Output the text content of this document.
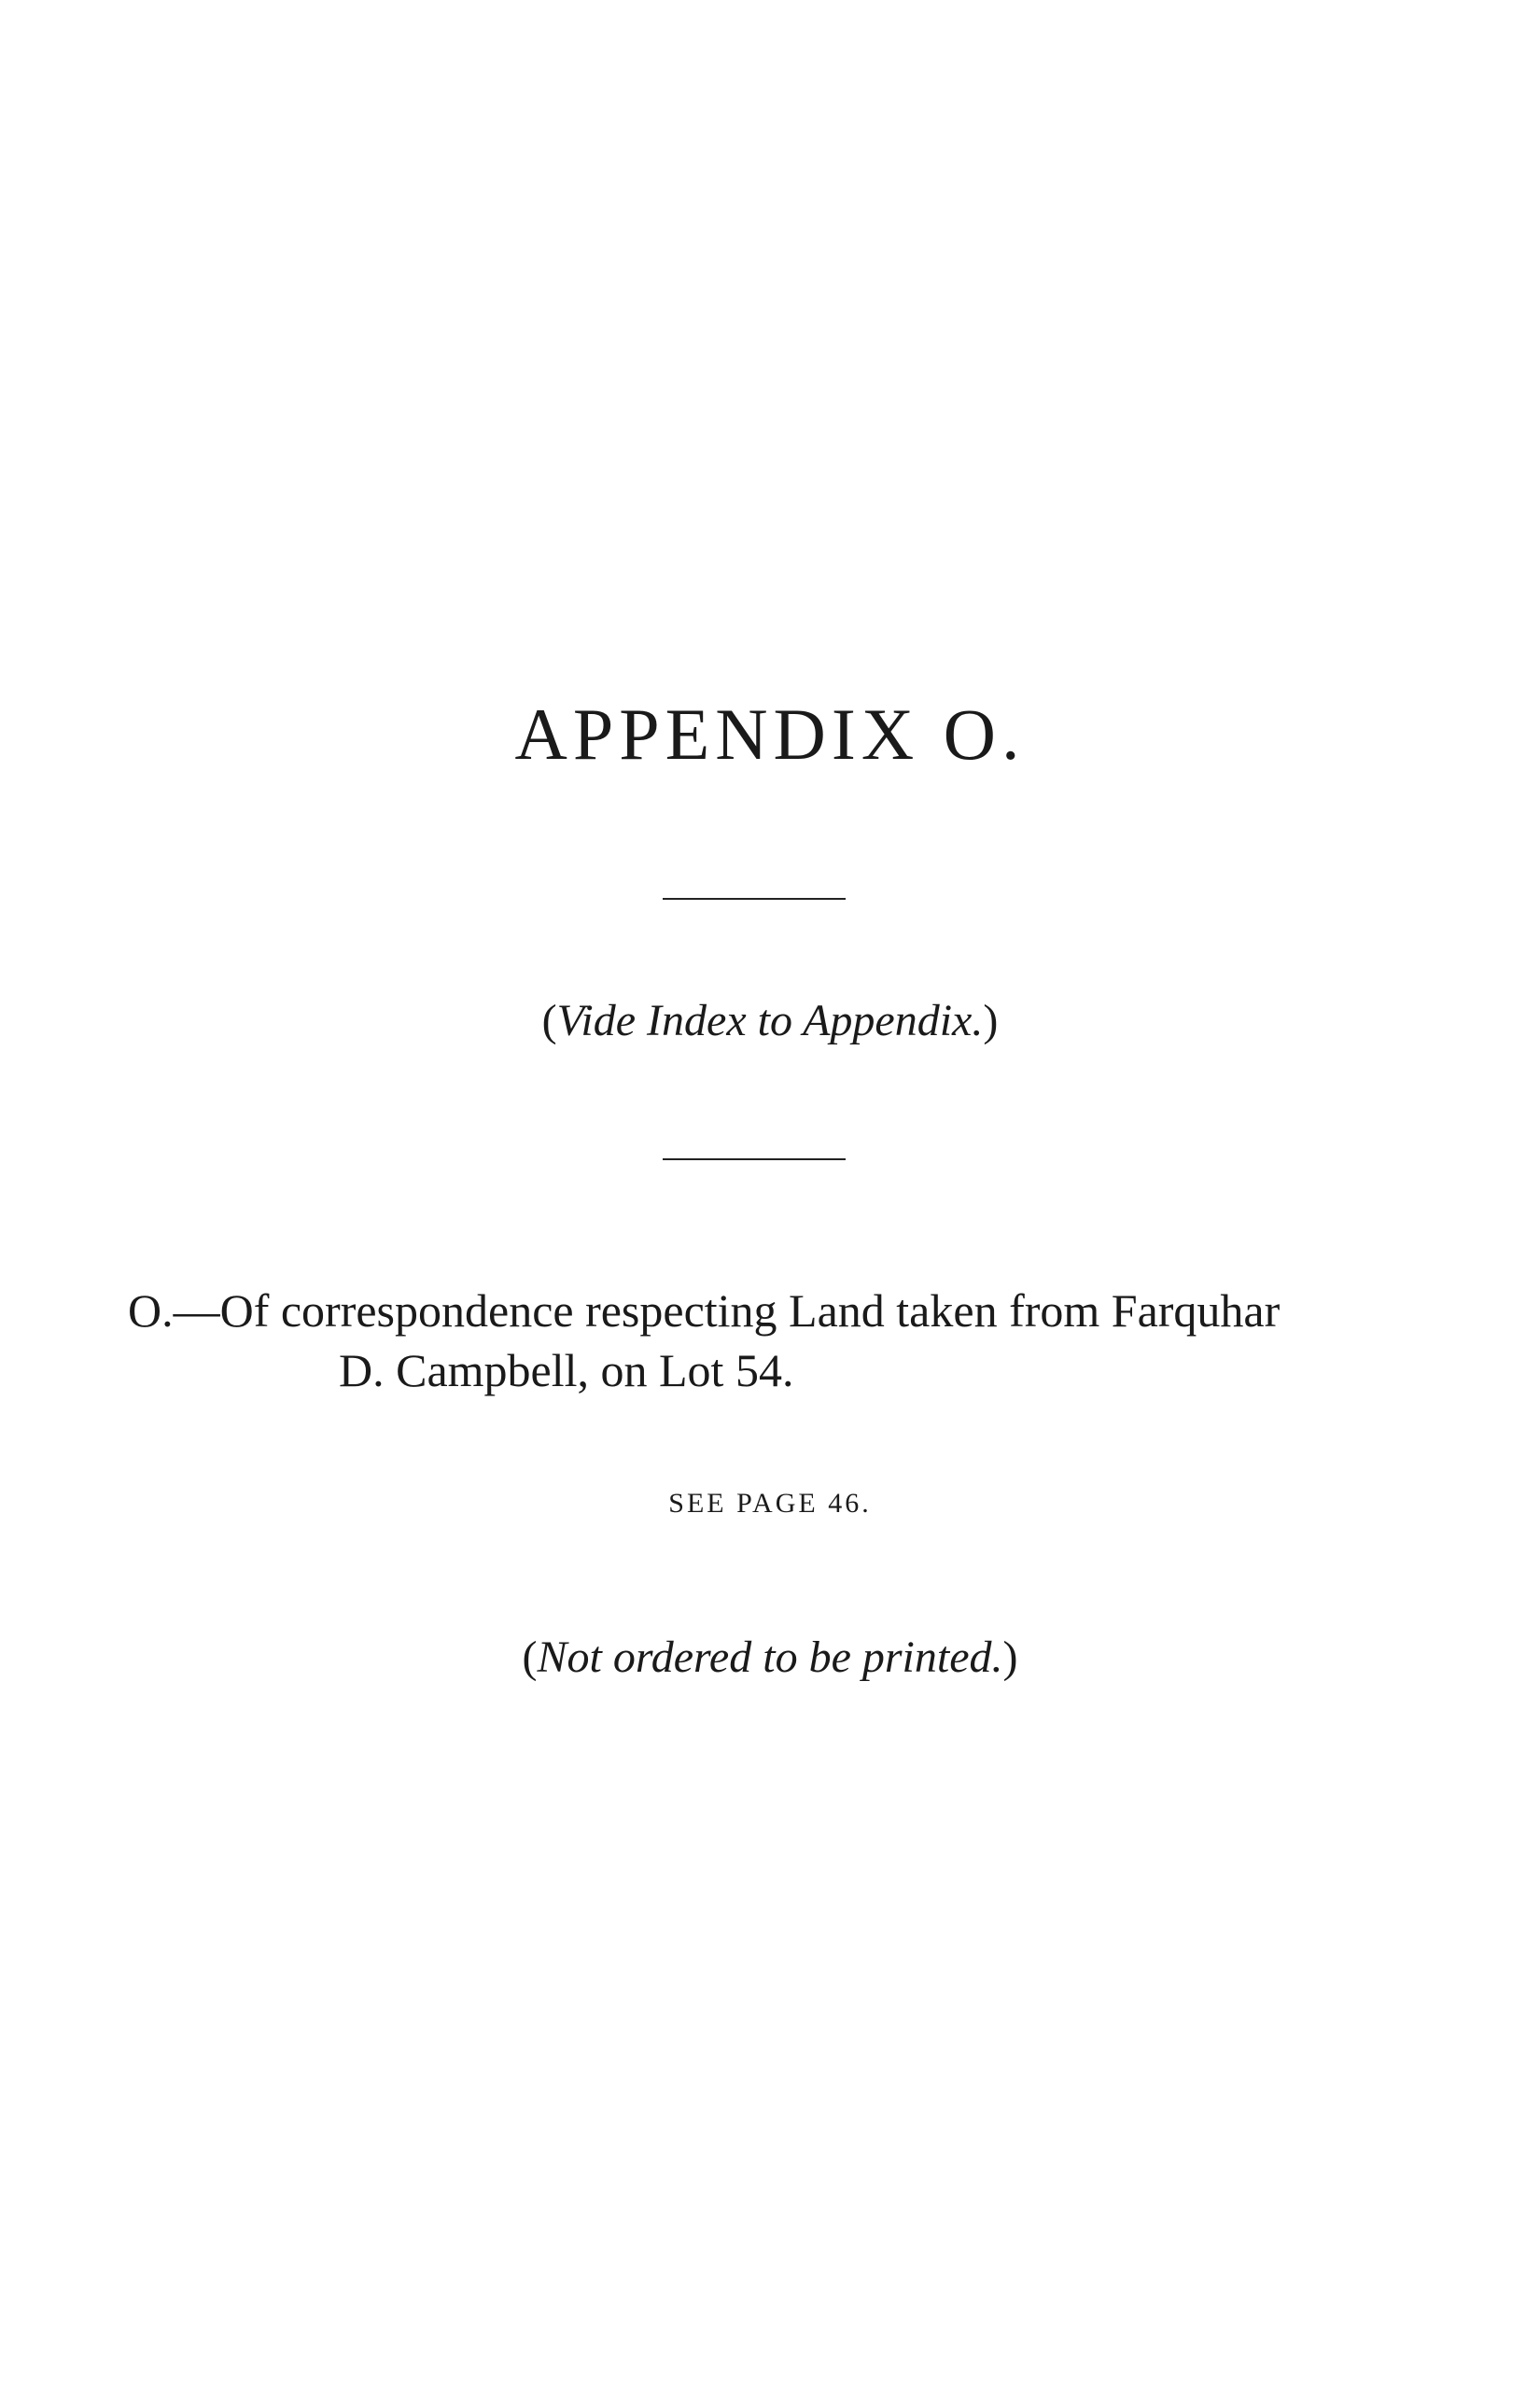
APPENDIX O.
(Vide Index to Appendix.)

O.—Of correspondence respecting Land taken from Farquhar
D. Campbell, on Lot 54.

SEE PAGE 46.
(Not ordered to be printed.)
